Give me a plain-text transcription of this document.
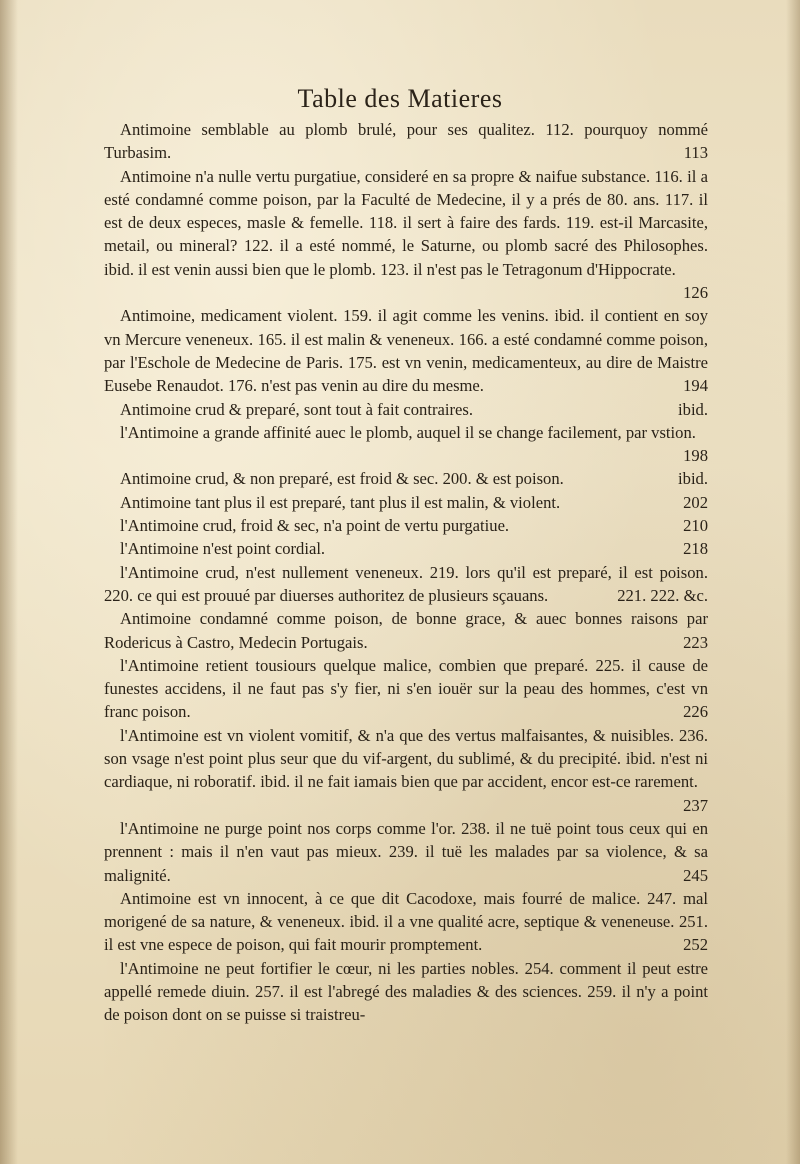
Table des Matieres

Antimoine semblable au plomb brulé, pour ses qualitez. 112. pourquoy nommé Turbasim.	113

Antimoine n'a nulle vertu purgatiue, consideré en sa propre & naifue substance. 116. il a esté condamné comme poison, par la Faculté de Medecine, il y a prés de 80. ans. 117. il est de deux especes, masle & femelle. 118. il sert à faire des fards. 119. est-il Marcasite, metail, ou mineral? 122. il a esté nommé, le Saturne, ou plomb sacré des Philosophes. ibid. il est venin aussi bien que le plomb. 123. il n'est pas le Tetragonum d'Hippocrate.
126

Antimoine, medicament violent. 159. il agit comme les venins. ibid. il contient en soy vn Mercure veneneux. 165. il est malin & veneneux. 166. a esté condamné comme poison, par l'Eschole de Medecine de Paris. 175. est vn venin, medicamenteux, au dire de Maistre Eusebe Renaudot. 176. n'est pas venin au dire du mesme.	194

Antimoine crud & preparé, sont tout à fait contraires.	ibid.

l'Antimoine a grande affinité auec le plomb, auquel il se change facilement, par vstion.
198

Antimoine crud, & non preparé, est froid & sec. 200. & est poison.	ibid.

Antimoine tant plus il est preparé, tant plus il est malin, & violent.	202

l'Antimoine crud, froid & sec, n'a point de vertu purgatiue.	210

l'Antimoine n'est point cordial.	218

l'Antimoine crud, n'est nullement veneneux. 219. lors qu'il est preparé, il est poison. 220. ce qui est prouué par diuerses authoritez de plusieurs sçauans.	221. 222. &c.

Antimoine condamné comme poison, de bonne grace, & auec bonnes raisons par Rodericus à Castro, Medecin Portugais.	223

l'Antimoine retient tousiours quelque malice, combien que preparé. 225. il cause de funestes accidens, il ne faut pas s'y fier, ni s'en iouër sur la peau des hommes, c'est vn franc poison.	226

l'Antimoine est vn violent vomitif, & n'a que des vertus malfaisantes, & nuisibles. 236. son vsage n'est point plus seur que du vif-argent, du sublimé, & du precipité. ibid. n'est ni cardiaque, ni roboratif. ibid. il ne fait iamais bien que par accident, encor est-ce rarement.
237

l'Antimoine ne purge point nos corps comme l'or. 238. il ne tuë point tous ceux qui en prennent : mais il n'en vaut pas mieux. 239. il tuë les malades par sa violence, & sa malignité.	245

Antimoine est vn innocent, à ce que dit Cacodoxe, mais fourré de malice. 247. mal morigené de sa nature, & veneneux. ibid. il a vne qualité acre, septique & veneneuse. 251. il est vne espece de poison, qui fait mourir promptement.	252

l'Antimoine ne peut fortifier le cœur, ni les parties nobles. 254. comment il peut estre appellé remede diuin. 257. il est l'abregé des maladies & des sciences. 259. il n'y a point de poison dont on se puisse si traistreu-
